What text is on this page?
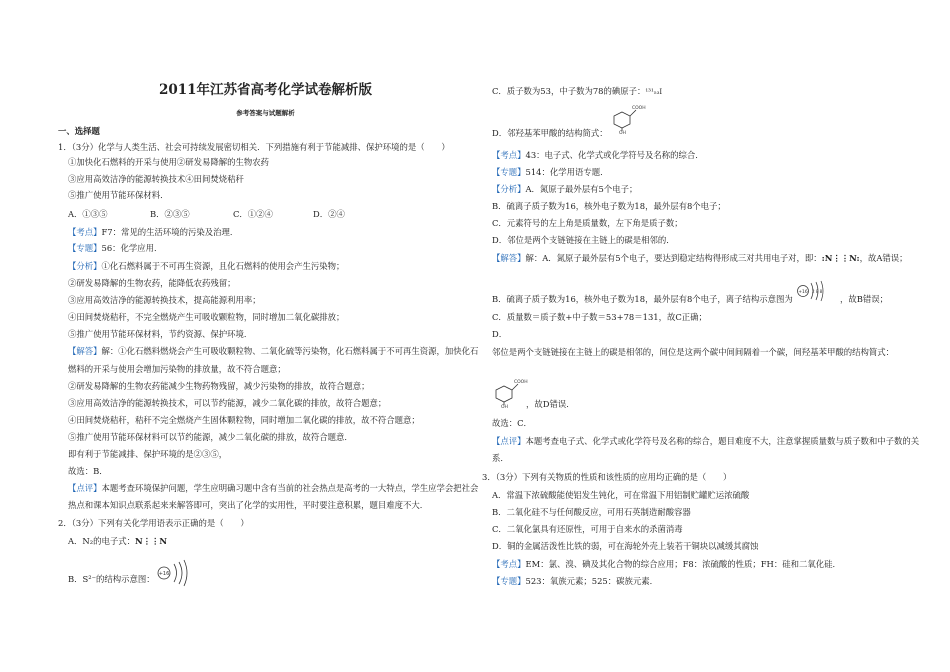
2011年江苏省高考化学试卷解析版
参考答案与试题解析
一、选择题
1．（3分）化学与人类生活、社会可持续发展密切相关．下列措施有利于节能减排、保护环境的是（　　）
①加快化石燃料的开采与使用②研发易降解的生物农药
③应用高效洁净的能源转换技术④田间焚烧秸秆
⑤推广使用节能环保材料．
A．①③⑤	B．②③⑤	C．①②④	D．②④
【考点】F7：常见的生活环境的污染及治理．
【专题】56：化学应用．
【分析】①化石燃料属于不可再生资源，且化石燃料的使用会产生污染物；
②研发易降解的生物农药，能降低农药残留；
③应用高效洁净的能源转换技术，提高能源利用率；
④田间焚烧秸秆，不完全燃烧产生可吸收颗粒物，同时增加二氧化碳排放；
⑤推广使用节能环保材料，节约资源、保护环境．
【解答】解：①化石燃料燃烧会产生可吸收颗粒物、二氧化硫等污染物，化石燃料属于不可再生资源，加快化石
燃料的开采与使用会增加污染物的排放量，故不符合题意；
②研发易降解的生物农药能减少生物药物残留，减少污染物的排放，故符合题意；
③应用高效洁净的能源转换技术，可以节约能源，减少二氧化碳的排放，故符合题意；
④田间焚烧秸秆，秸秆不完全燃烧产生固体颗粒物，同时增加二氧化碳的排放，故不符合题意；
⑤推广使用节能环保材料可以节约能源，减少二氧化碳的排放，故符合题意．
即有利于节能减排、保护环境的是②③⑤，
故选：B．
【点评】本题考查环境保护问题，学生应明确习题中含有当前的社会热点是高考的一大特点，学生应学会把社会
热点和课本知识点联系起来来解答即可，突出了化学的实用性，平时要注意积累，题目难度不大．
2．（3分）下列有关化学用语表示正确的是（　　）
A．N₂的电子式：N⋮⋮N
B．S²⁻的结构示意图： +16
C．质子数为53，中子数为78的碘原子：¹³¹₅₃I
COOH
OH
D．邻羟基苯甲酸的结构简式：
【考点】43：电子式、化学式或化学符号及名称的综合．
【专题】514：化学用语专题．
【分析】A．氮原子最外层有5个电子；
B．硫离子质子数为16，核外电子数为18，最外层有8个电子；
C．元素符号的左上角是质量数，左下角是质子数；
D．邻位是两个支链链接在主链上的碳是相邻的．
【解答】解：A．氮原子最外层有5个电子，要达到稳定结构得形成三对共用电子对，即：:N⋮⋮N:，故A错误；
B．硫离子质子数为16，核外电子数为18，最外层有8个电子，离子结构示意图为
+16 2 8 8
，故B错误；
C．质量数＝质子数+中子数＝53+78＝131，故C正确；
D．
邻位是两个支链链接在主链上的碳是相邻的，间位是这两个碳中间间隔着一个碳，间羟基苯甲酸的结构简式：
COOH
OH ，故D错误．
故选：C．
【点评】本题考查电子式、化学式或化学符号及名称的综合，题目难度不大，注意掌握质量数与质子数和中子数的关
系．
3．（3分）下列有关物质的性质和该性质的应用均正确的是（　　）
A．常温下浓硫酸能使铝发生钝化，可在常温下用铝制贮罐贮运浓硫酸
B．二氧化硅不与任何酸反应，可用石英制造耐酸容器
C．二氧化氯具有还原性，可用于自来水的杀菌消毒
D．铜的金属活泼性比铁的弱，可在海轮外壳上装若干铜块以减缓其腐蚀
【考点】EM：氯、溴、碘及其化合物的综合应用；F8：浓硫酸的性质；FH：硅和二氧化硅．
【专题】523：氧族元素；525：碳族元素．
